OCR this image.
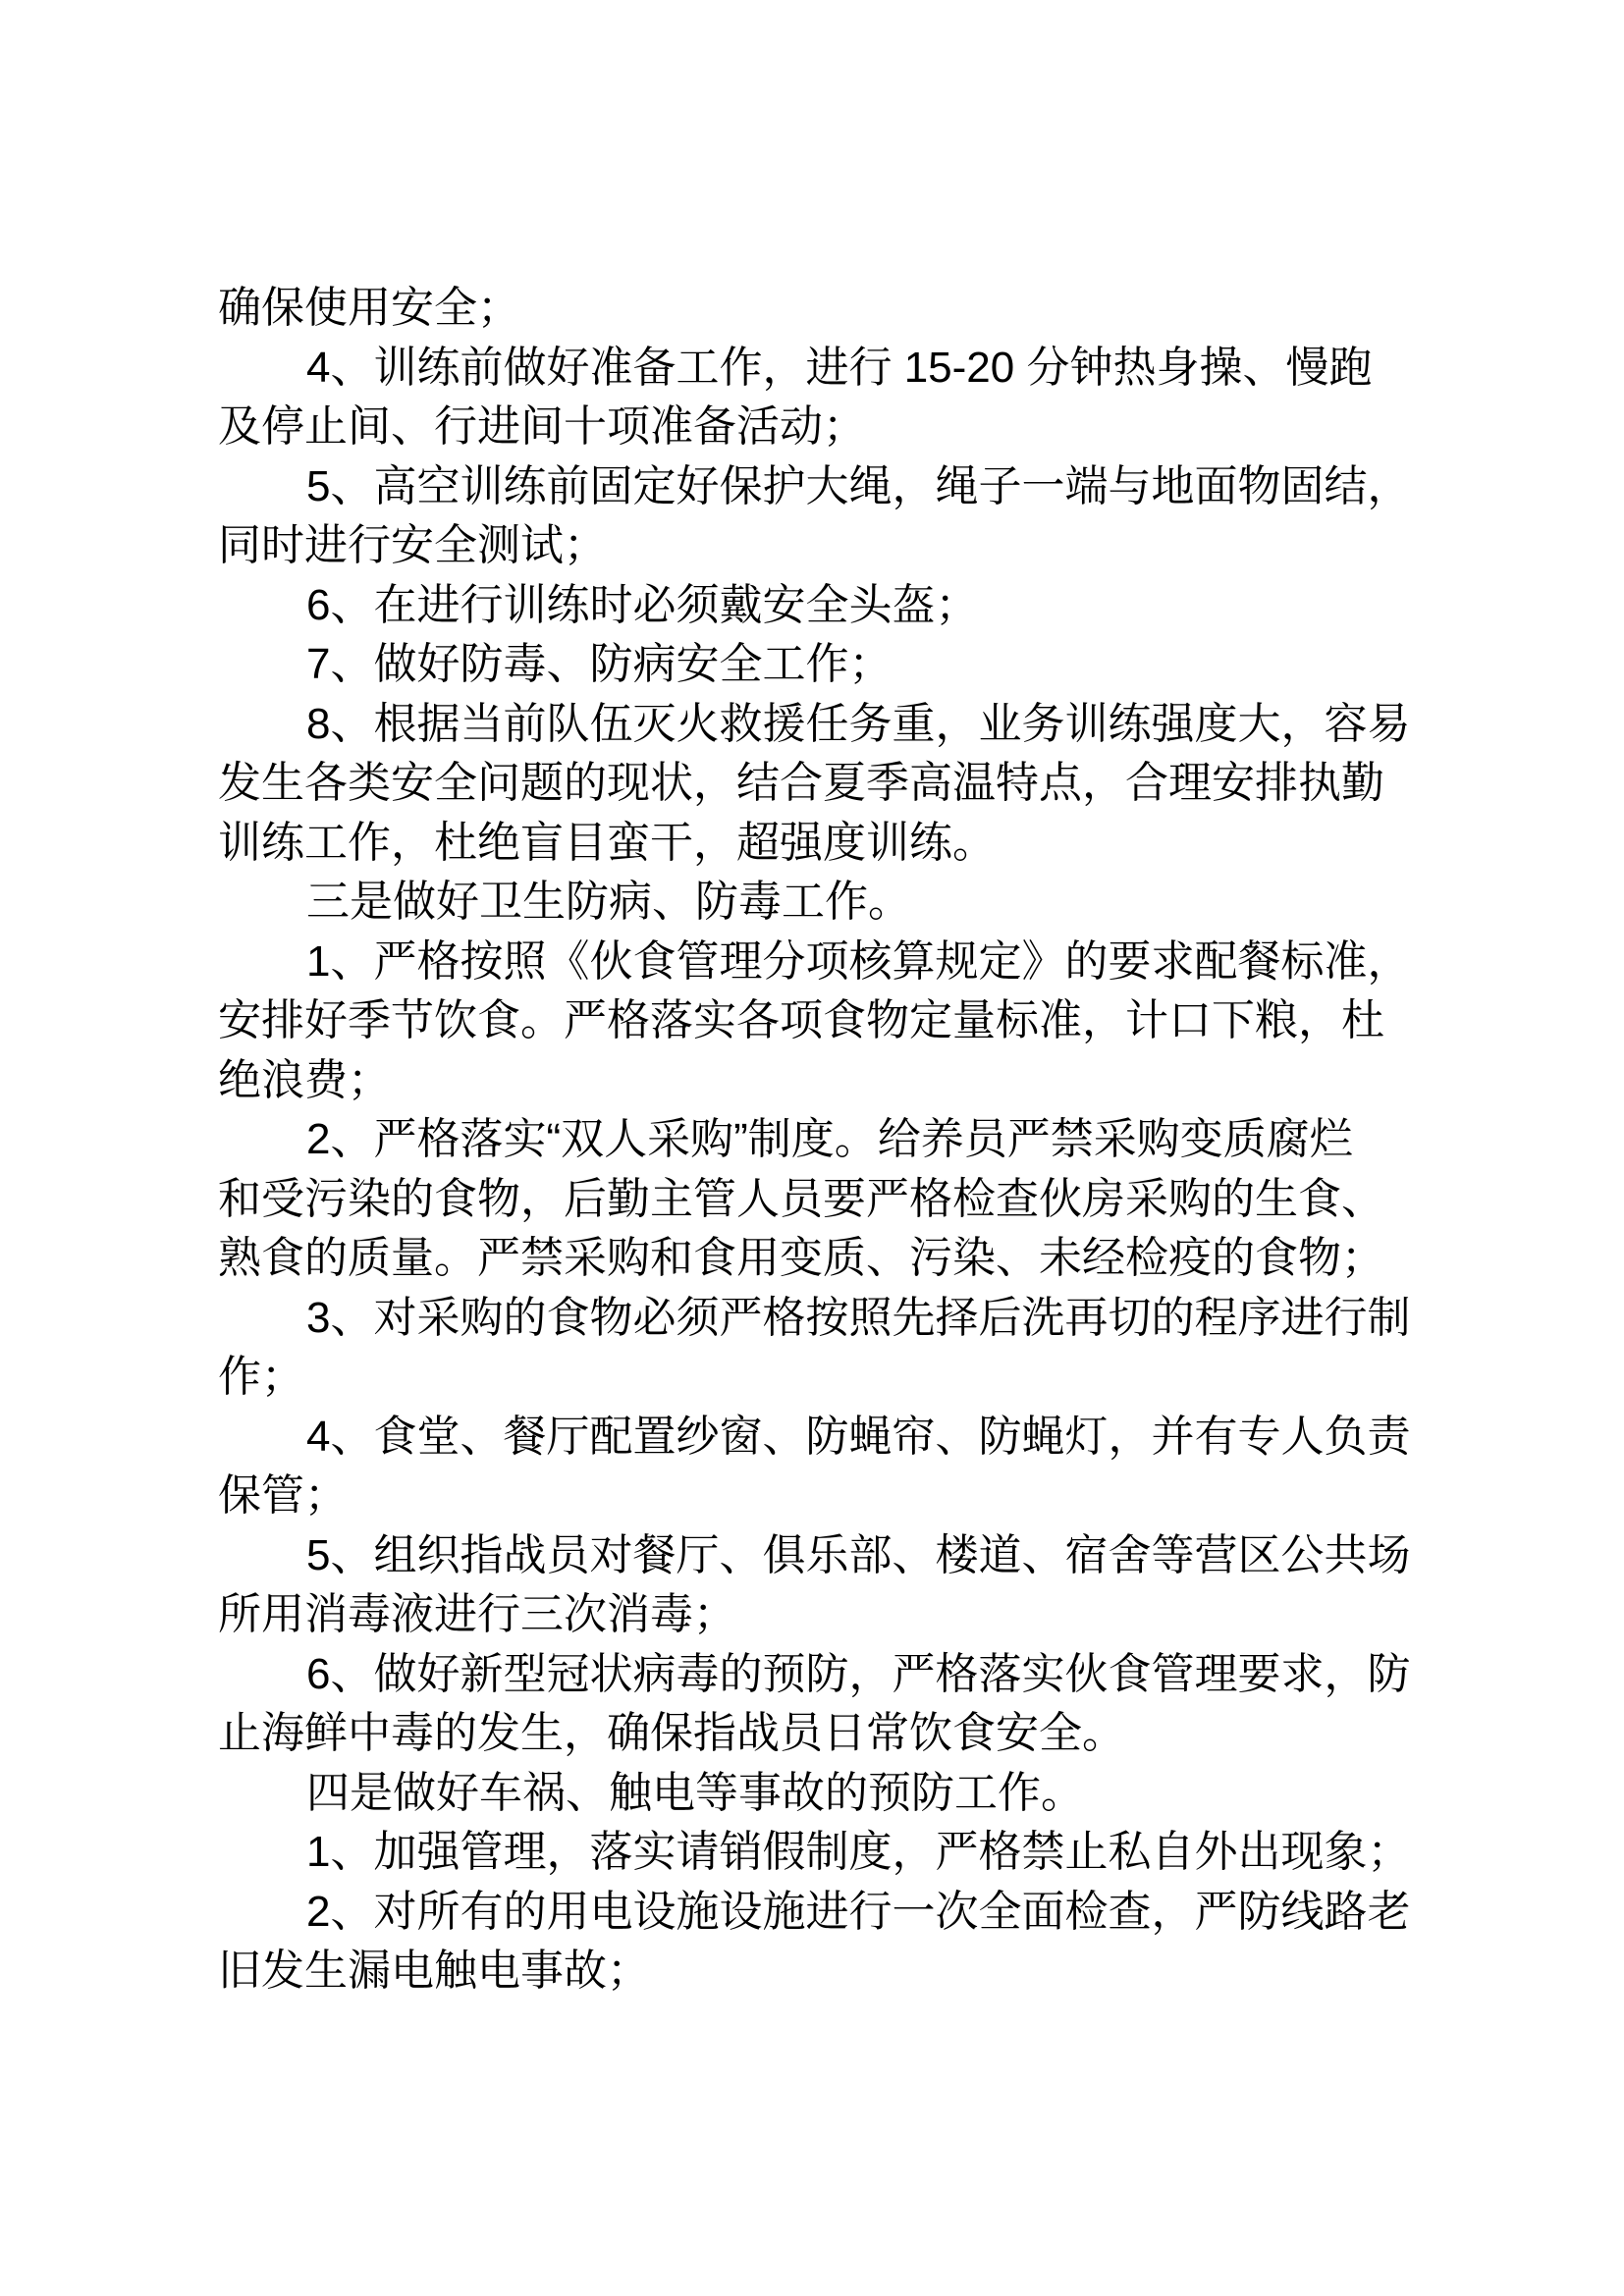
确保使用安全；
4、训练前做好准备工作，进行 15-20 分钟热身操、慢跑
及停止间、行进间十项准备活动；
5、高空训练前固定好保护大绳，绳子一端与地面物固结，
同时进行安全测试；
6、在进行训练时必须戴安全头盔；
7、做好防毒、防病安全工作；
8、根据当前队伍灭火救援任务重，业务训练强度大，容易
发生各类安全问题的现状，结合夏季高温特点，合理安排执勤
训练工作，杜绝盲目蛮干，超强度训练。
三是做好卫生防病、防毒工作。
1、严格按照《伙食管理分项核算规定》的要求配餐标准，
安排好季节饮食。严格落实各项食物定量标准，计口下粮，杜
绝浪费；
2、严格落实“双人采购”制度。给养员严禁采购变质腐烂
和受污染的食物，后勤主管人员要严格检查伙房采购的生食、
熟食的质量。严禁采购和食用变质、污染、未经检疫的食物；
3、对采购的食物必须严格按照先择后洗再切的程序进行制
作；
4、食堂、餐厅配置纱窗、防蝇帘、防蝇灯，并有专人负责
保管；
5、组织指战员对餐厅、俱乐部、楼道、宿舍等营区公共场
所用消毒液进行三次消毒；
6、做好新型冠状病毒的预防，严格落实伙食管理要求，防
止海鲜中毒的发生，确保指战员日常饮食安全。
四是做好车祸、触电等事故的预防工作。
1、加强管理，落实请销假制度，严格禁止私自外出现象；
2、对所有的用电设施设施进行一次全面检查，严防线路老
旧发生漏电触电事故；
